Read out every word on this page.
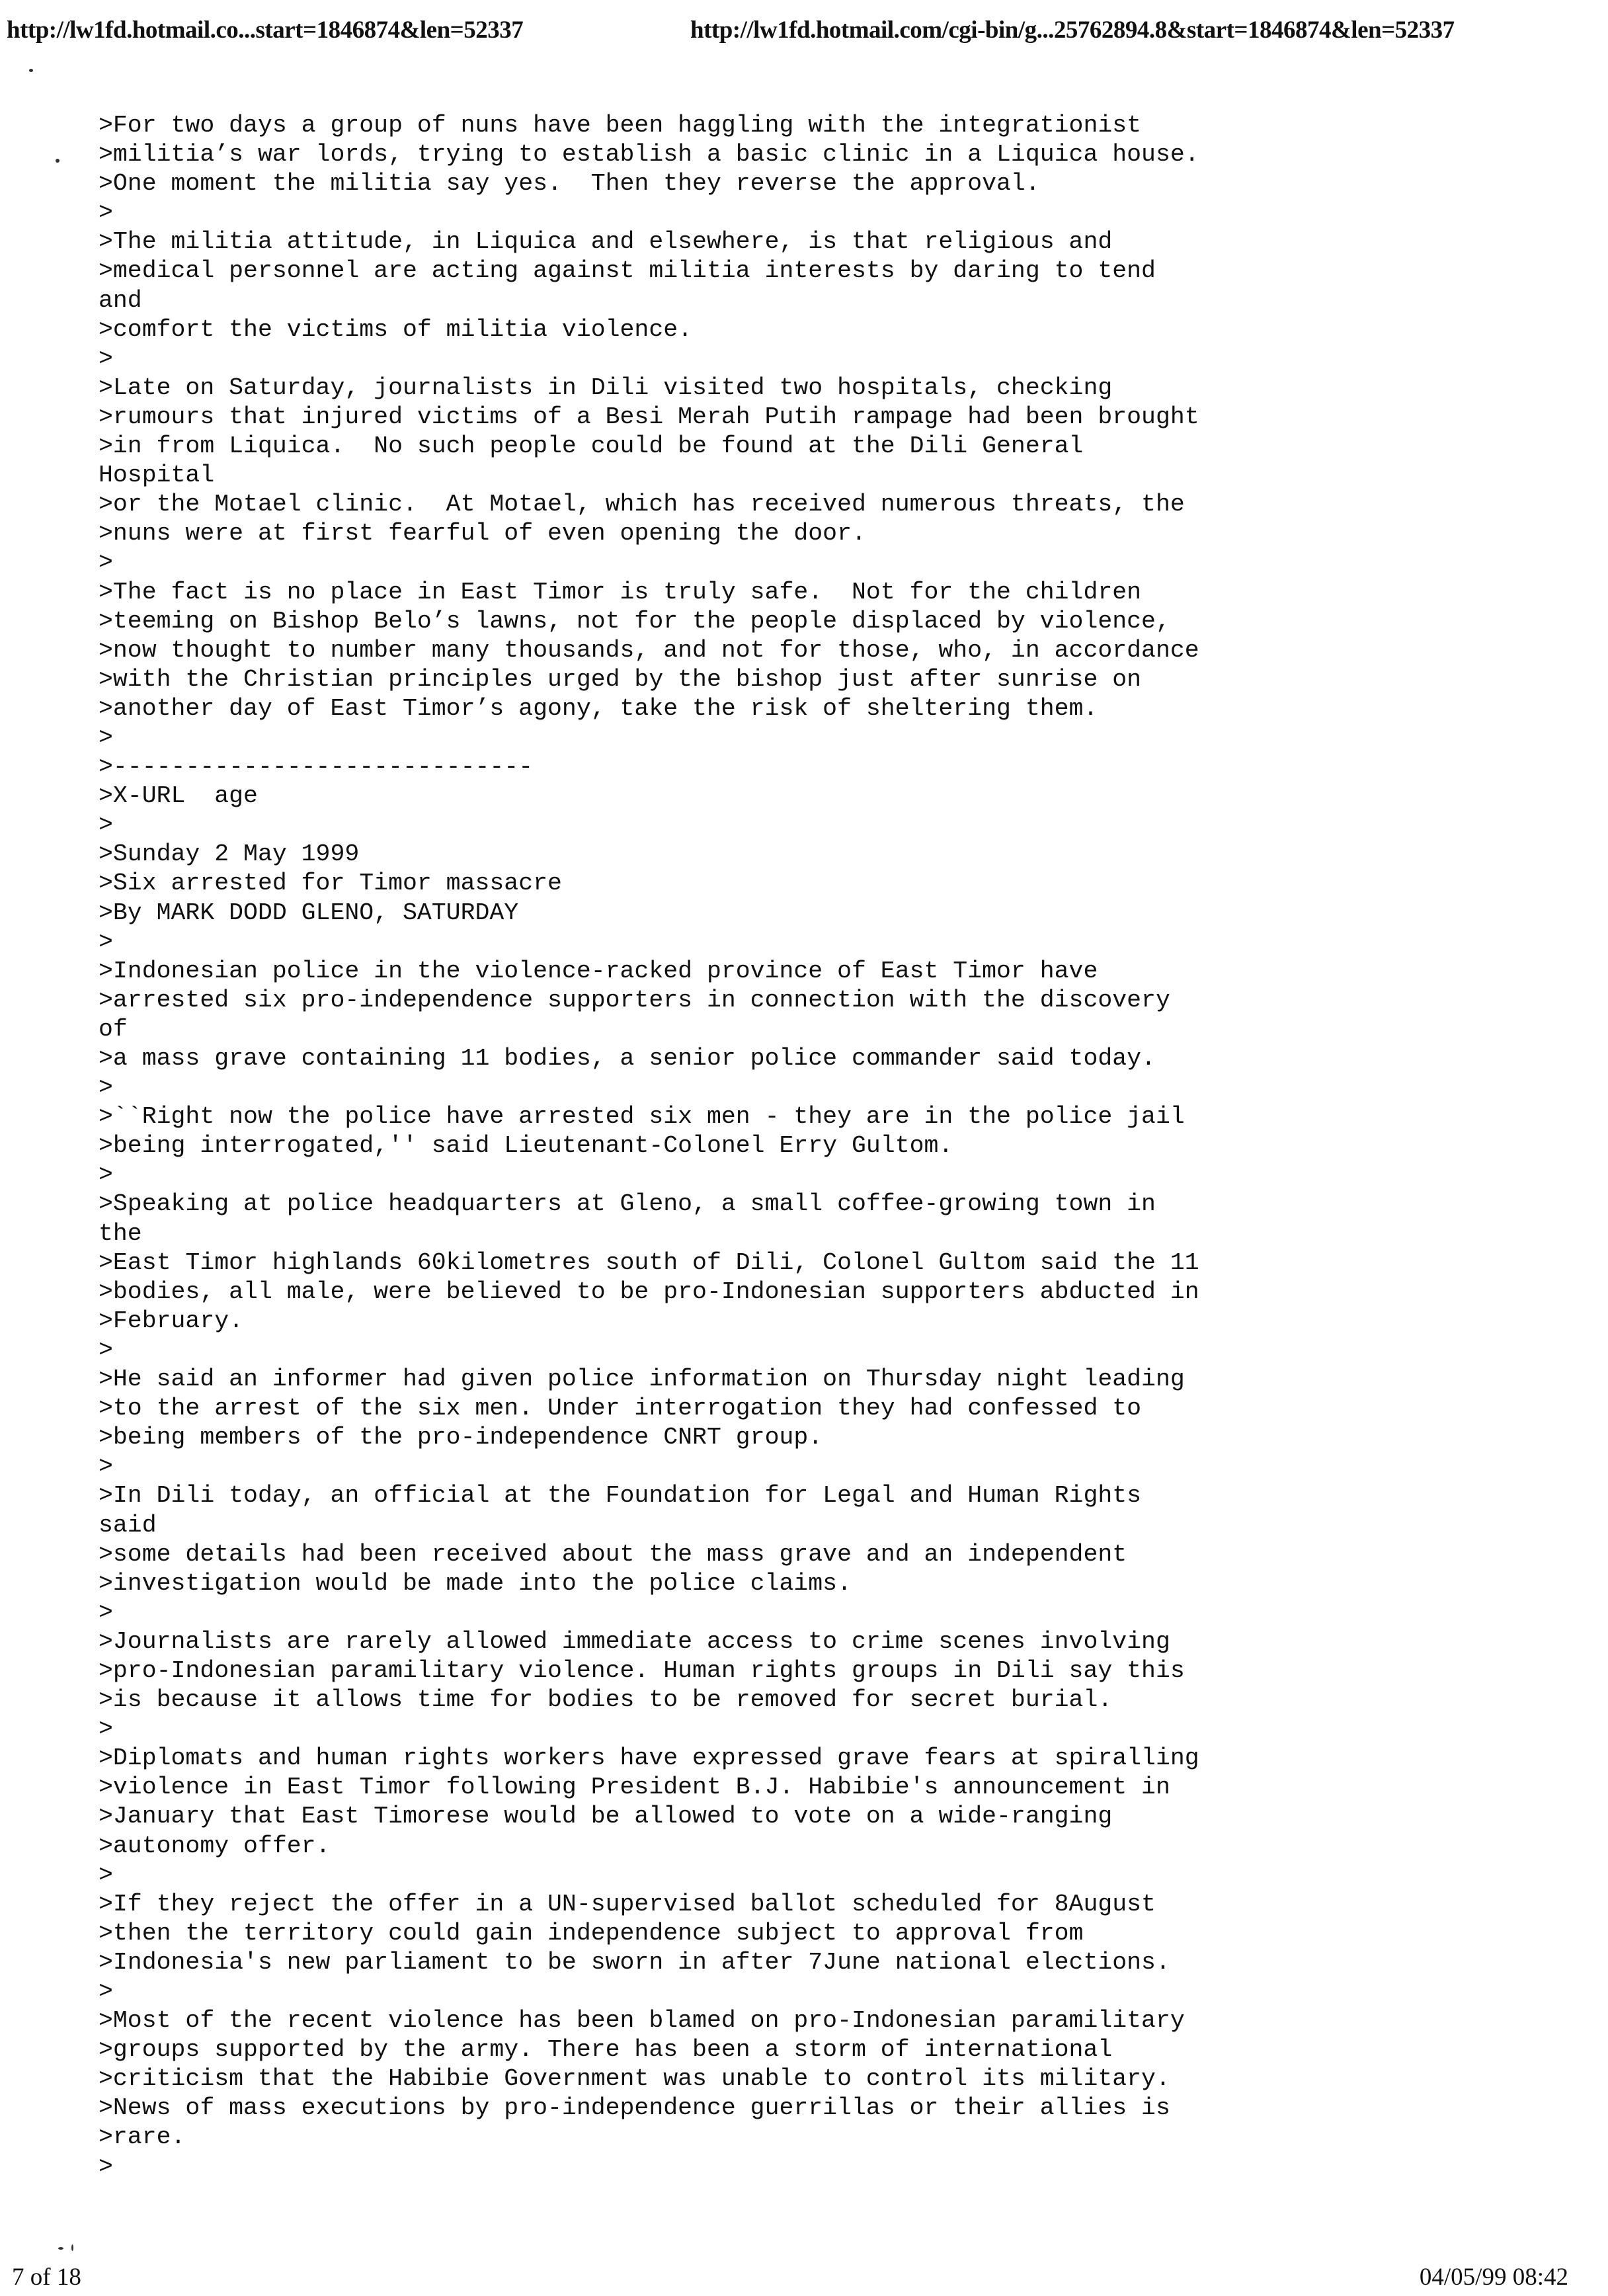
http://lw1fd.hotmail.co...start=1846874&len=52337	http://lw1fd.hotmail.com/cgi-bin/g...25762894.8&start=1846874&len=52337
>For two days a group of nuns have been haggling with the integrationist
>militia’s war lords, trying to establish a basic clinic in a Liquica house.
>One moment the militia say yes.  Then they reverse the approval.
>
>The militia attitude, in Liquica and elsewhere, is that religious and
>medical personnel are acting against militia interests by daring to tend
and
>comfort the victims of militia violence.
>
>Late on Saturday, journalists in Dili visited two hospitals, checking
>rumours that injured victims of a Besi Merah Putih rampage had been brought
>in from Liquica.  No such people could be found at the Dili General
Hospital
>or the Motael clinic.  At Motael, which has received numerous threats, the
>nuns were at first fearful of even opening the door.
>
>The fact is no place in East Timor is truly safe.  Not for the children
>teeming on Bishop Belo’s lawns, not for the people displaced by violence,
>now thought to number many thousands, and not for those, who, in accordance
>with the Christian principles urged by the bishop just after sunrise on
>another day of East Timor’s agony, take the risk of sheltering them.
>
>-----------------------------
>X-URL  age
>
>Sunday 2 May 1999
>Six arrested for Timor massacre
>By MARK DODD GLENO, SATURDAY
>
>Indonesian police in the violence-racked province of East Timor have
>arrested six pro-independence supporters in connection with the discovery
of
>a mass grave containing 11 bodies, a senior police commander said today.
>
>``Right now the police have arrested six men - they are in the police jail
>being interrogated,'' said Lieutenant-Colonel Erry Gultom.
>
>Speaking at police headquarters at Gleno, a small coffee-growing town in
the
>East Timor highlands 60kilometres south of Dili, Colonel Gultom said the 11
>bodies, all male, were believed to be pro-Indonesian supporters abducted in
>February.
>
>He said an informer had given police information on Thursday night leading
>to the arrest of the six men. Under interrogation they had confessed to
>being members of the pro-independence CNRT group.
>
>In Dili today, an official at the Foundation for Legal and Human Rights
said
>some details had been received about the mass grave and an independent
>investigation would be made into the police claims.
>
>Journalists are rarely allowed immediate access to crime scenes involving
>pro-Indonesian paramilitary violence. Human rights groups in Dili say this
>is because it allows time for bodies to be removed for secret burial.
>
>Diplomats and human rights workers have expressed grave fears at spiralling
>violence in East Timor following President B.J. Habibie's announcement in
>January that East Timorese would be allowed to vote on a wide-ranging
>autonomy offer.
>
>If they reject the offer in a UN-supervised ballot scheduled for 8August
>then the territory could gain independence subject to approval from
>Indonesia's new parliament to be sworn in after 7June national elections.
>
>Most of the recent violence has been blamed on pro-Indonesian paramilitary
>groups supported by the army. There has been a storm of international
>criticism that the Habibie Government was unable to control its military.
>News of mass executions by pro-independence guerrillas or their allies is
>rare.
>
7 of 18	04/05/99 08:42
